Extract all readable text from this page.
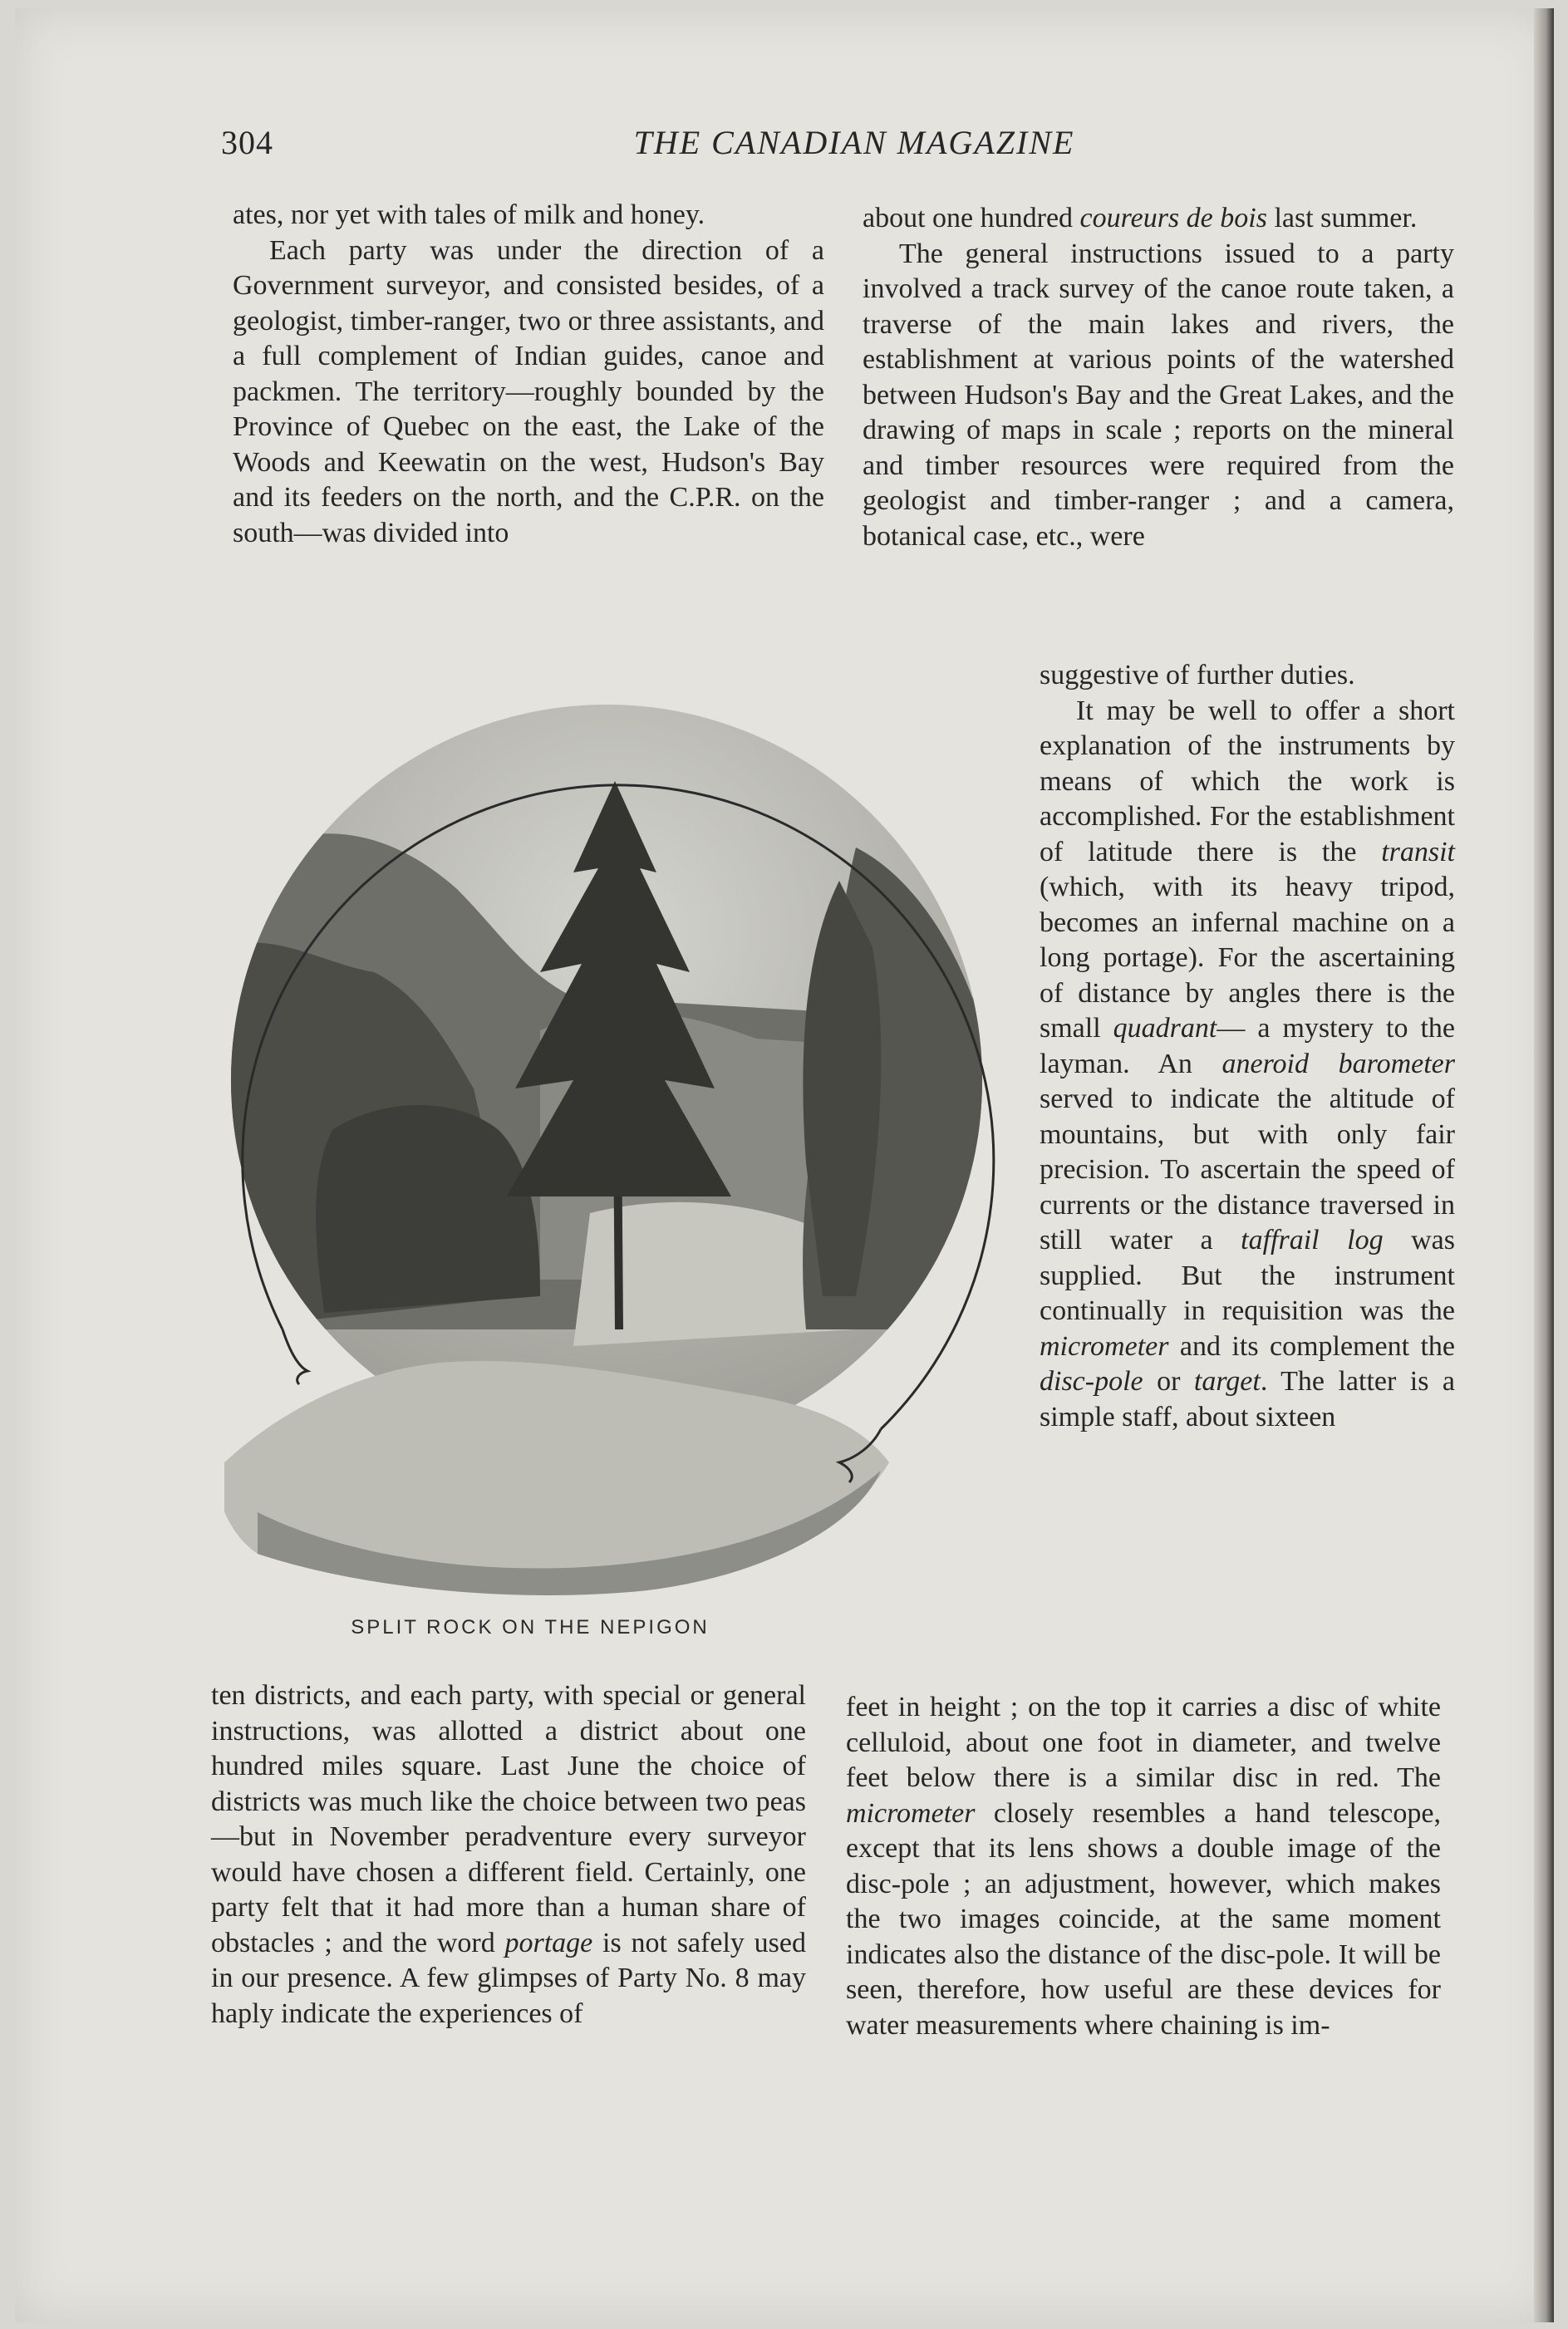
304	THE CANADIAN MAGAZINE

ates, nor yet with tales of milk and honey.

Each party was under the direction of a Government surveyor, and consisted besides, of a geologist, timber-ranger, two or three assistants, and a full complement of Indian guides, canoe and packmen. The territory—roughly bounded by the Province of Quebec on the east, the Lake of the Woods and Keewatin on the west, Hudson's Bay and its feeders on the north, and the C.P.R. on the south—was divided into

about one hundred coureurs de bois last summer.

The general instructions issued to a party involved a track survey of the canoe route taken, a traverse of the main lakes and rivers, the establishment at various points of the watershed between Hudson's Bay and the Great Lakes, and the drawing of maps in scale ; reports on the mineral and timber resources were required from the geologist and timber-ranger ; and a camera, botanical case, etc., were

suggestive of further duties.

It may be well to offer a short explanation of the instruments by means of which the work is accomplished. For the establishment of latitude there is the transit (which, with its heavy tripod, becomes an infernal machine on a long portage). For the ascertaining of distance by angles there is the small quadrant— a mystery to the layman. An aneroid barometer served to indicate the altitude of mountains, but with only fair precision. To ascertain the speed of currents or the distance traversed in still water a taffrail log was supplied. But the instrument continually in requisition was the micrometer and its complement the disc-pole or target. The latter is a simple staff, about sixteen

SPLIT ROCK ON THE NEPIGON

ten districts, and each party, with special or general instructions, was allotted a district about one hundred miles square. Last June the choice of districts was much like the choice between two peas—but in November peradventure every surveyor would have chosen a different field. Certainly, one party felt that it had more than a human share of obstacles ; and the word portage is not safely used in our presence. A few glimpses of Party No. 8 may haply indicate the experiences of

feet in height ; on the top it carries a disc of white celluloid, about one foot in diameter, and twelve feet below there is a similar disc in red. The micrometer closely resembles a hand telescope, except that its lens shows a double image of the disc-pole ; an adjustment, however, which makes the two images coincide, at the same moment indicates also the distance of the disc-pole. It will be seen, therefore, how useful are these devices for water measurements where chaining is im-
